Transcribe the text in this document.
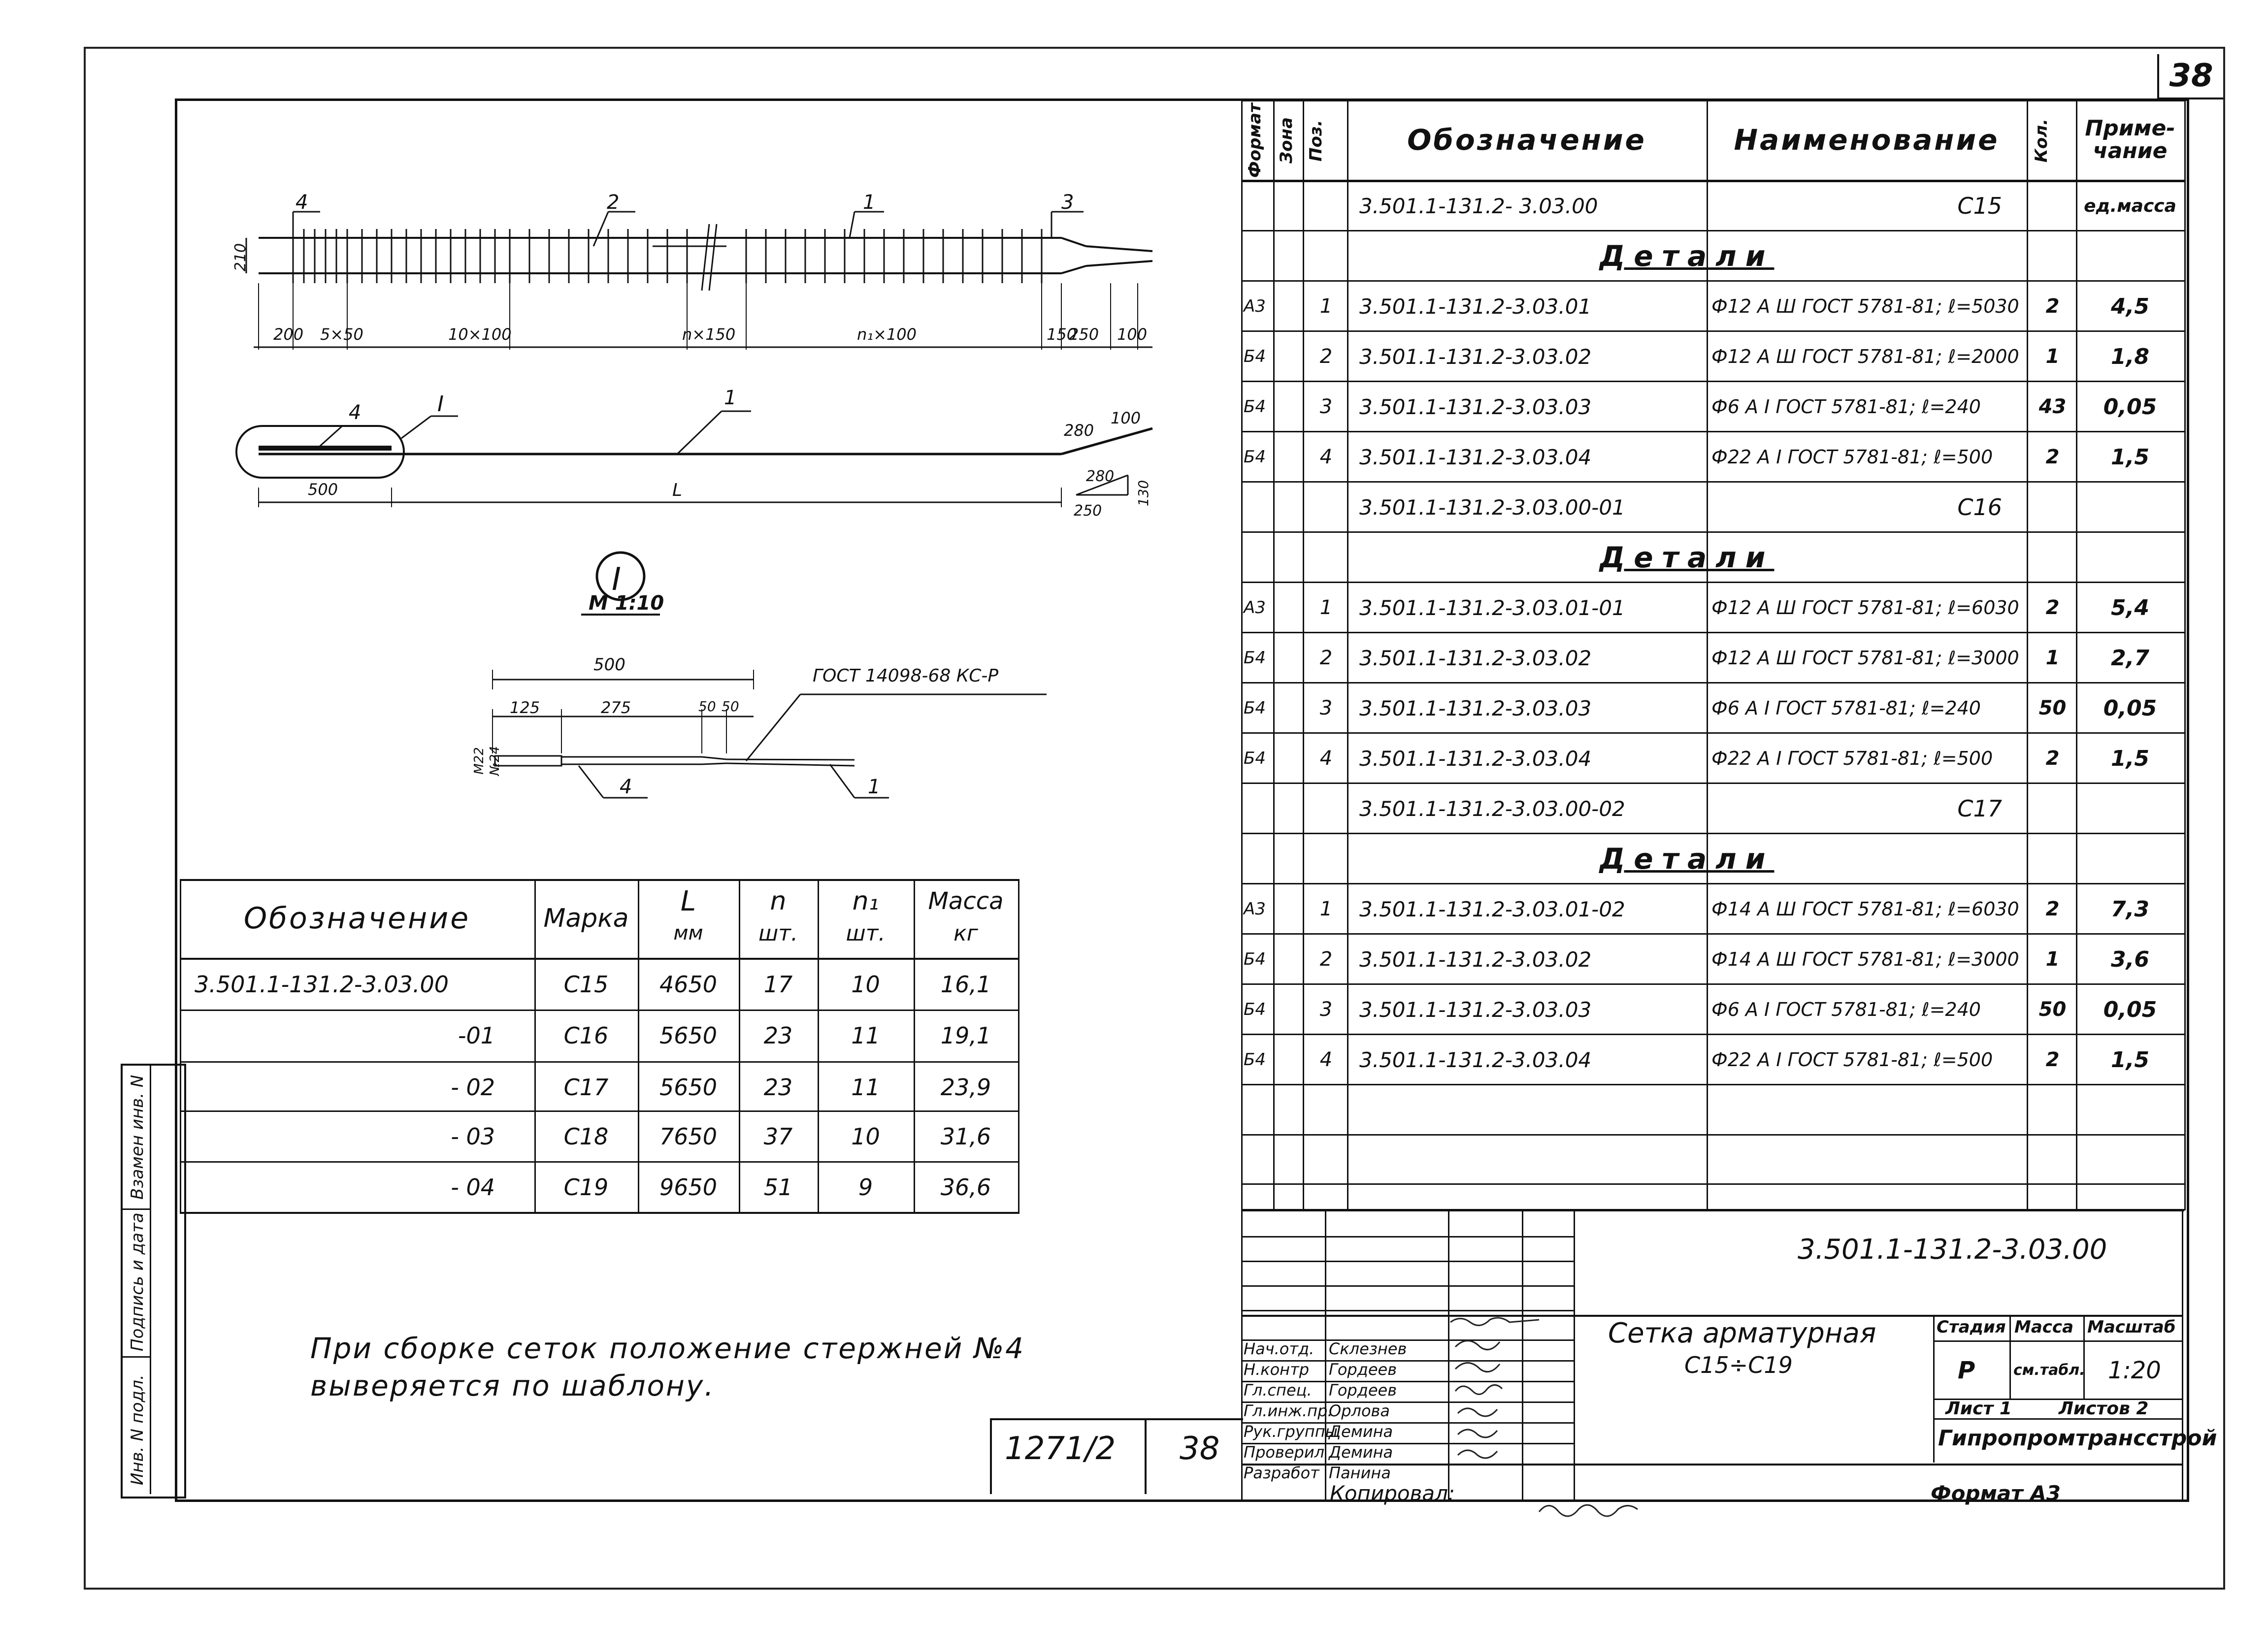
38
4	2	1	3
210
200 5×50	10×100	n×150	n₁×100	150
250 100
4	I	1
500	L
280
100
280
130
250
I
M 1:10
500
125	275	50 50
М22 №24
ГОСТ 14098-68 КС-Р
4	1
Формат Зона Поз.	Обозначение	Наименование	Кол.	Приме-чание
3.501.1-131.2- 3.03.00	С15	ед.масса
Детали
А3	1	3.501.1-131.2-3.03.01	Ф12 А Ш ГОСТ 5781-81; ℓ=5030	2	4,5
Б4	2	3.501.1-131.2-3.03.02	Ф12 А Ш ГОСТ 5781-81; ℓ=2000	1	1,8
Б4	3	3.501.1-131.2-3.03.03	Ф6 А I ГОСТ 5781-81; ℓ=240	43	0,05
Б4	4	3.501.1-131.2-3.03.04	Ф22 А I ГОСТ 5781-81; ℓ=500	2	1,5
3.501.1-131.2-3.03.00-01	С16
Детали
А3	1	3.501.1-131.2-3.03.01-01	Ф12 А Ш ГОСТ 5781-81; ℓ=6030	2	5,4
Б4	2	3.501.1-131.2-3.03.02	Ф12 А Ш ГОСТ 5781-81; ℓ=3000	1	2,7
Б4	3	3.501.1-131.2-3.03.03	Ф6 А I ГОСТ 5781-81; ℓ=240	50	0,05
Б4	4	3.501.1-131.2-3.03.04	Ф22 А I ГОСТ 5781-81; ℓ=500	2	1,5
3.501.1-131.2-3.03.00-02	С17
Детали
А3	1	3.501.1-131.2-3.03.01-02	Ф14 А Ш ГОСТ 5781-81; ℓ=6030	2	7,3
Б4	2	3.501.1-131.2-3.03.02	Ф14 А Ш ГОСТ 5781-81; ℓ=3000	1	3,6
Б4	3	3.501.1-131.2-3.03.03	Ф6 А I ГОСТ 5781-81; ℓ=240	50	0,05
Б4	4	3.501.1-131.2-3.03.04	Ф22 А I ГОСТ 5781-81; ℓ=500	2	1,5
3.501.1-131.2-3.03.00
Сетка арматурная
С15÷С19
Стадия Масса Масштаб
Р	см.табл. 1:20
Лист 1	Листов 2
Гипропромтрансстрой
Нач.отд. Склезнев
Н.контр Гордеев
Гл.спец. Гордеев
Гл.инж.пр.
Орлова
Рук.группы
Демина
Проверил Демина
Разработ Панина
Копировал:	Формат А3
Обозначение	Марка
L
мм
n
шт.
n₁
шт.
Масса
кг
3.501.1-131.2-3.03.00	С15	4650	17	10	16,1
-01	С16	5650	23	11	19,1
- 02	С17	5650	23	11	23,9
- 03	С18	7650	37	10	31,6
- 04	С19	9650	51	9	36,6
Инв. N подл.
Подпись и дата
Взамен инв. N
При сборке сеток положение стержней №4
выверяется по шаблону.
1271/2 38
